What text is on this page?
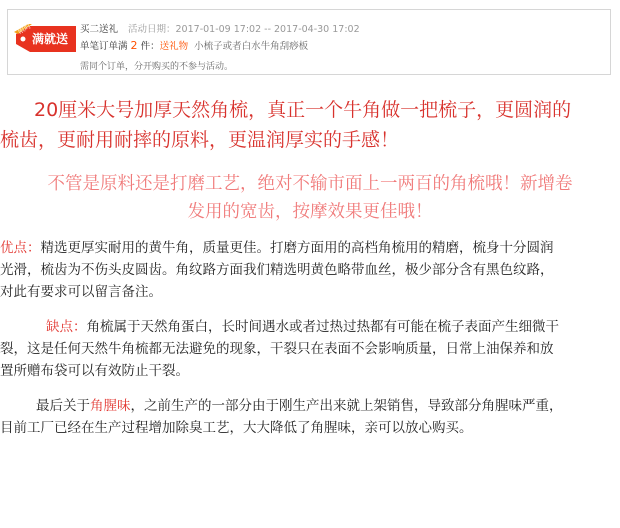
限时
满就送
买二送礼 活动日期：2017-01-09 17:02 -- 2017-04-30 17:02
单笔订单满 2 件：送礼物 小梳子或者白水牛角刮痧板
需同个订单，分开购买的不参与活动。
20厘米大号加厚天然角梳，真正一个牛角做一把梳子，更圆润的
梳齿，更耐用耐摔的原料，更温润厚实的手感！
不管是原料还是打磨工艺，绝对不输市面上一两百的角梳哦！新增卷
发用的宽齿，按摩效果更佳哦！
优点：精选更厚实耐用的黄牛角，质量更佳。打磨方面用的高档角梳用的精磨，梳身十分圆润
光滑，梳齿为不伤头皮圆齿。角纹路方面我们精选明黄色略带血丝，极少部分含有黑色纹路，
对此有要求可以留言备注。
缺点：角梳属于天然角蛋白，长时间遇水或者过热过热都有可能在梳子表面产生细微干
裂，这是任何天然牛角梳都无法避免的现象，干裂只在表面不会影响质量，日常上油保养和放
置所赠布袋可以有效防止干裂。
最后关于角腥味，之前生产的一部分由于刚生产出来就上架销售，导致部分角腥味严重，
目前工厂已经在生产过程增加除臭工艺，大大降低了角腥味，亲可以放心购买。
